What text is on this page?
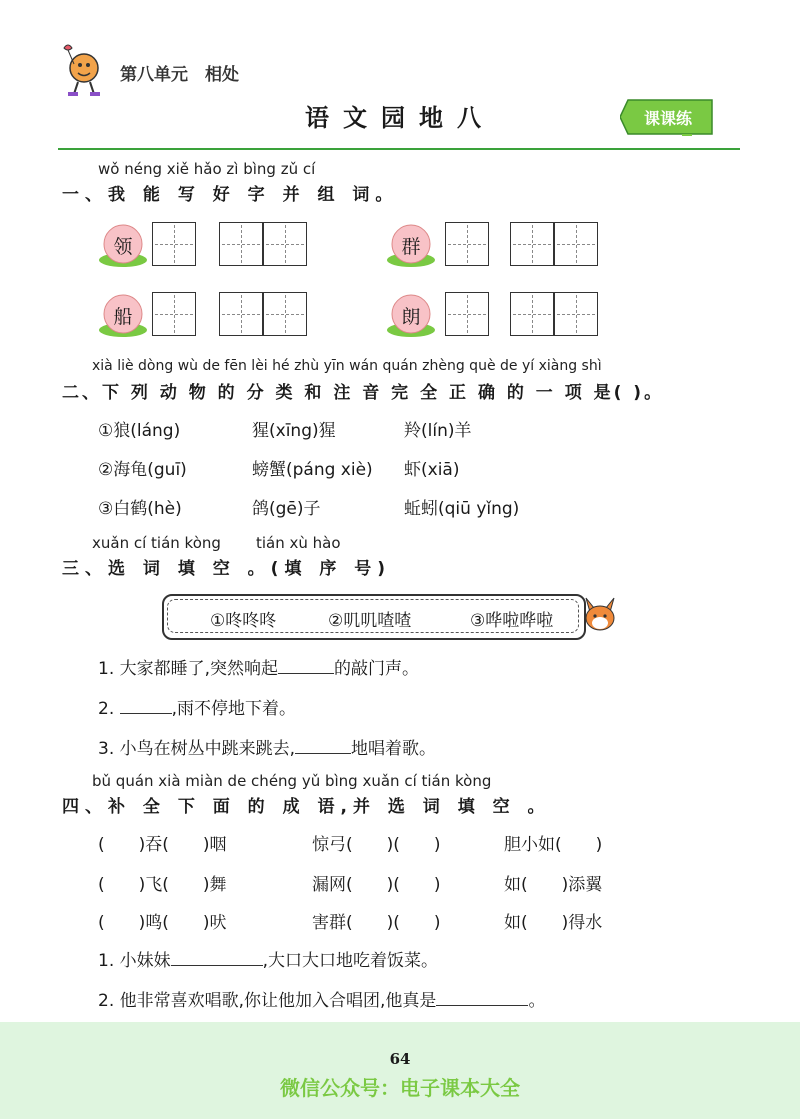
第八单元　相处
语文园地八	课课练
wǒ néng xiě hǎo zì bìng zǔ cí
一、我 能 写 好 字 并 组 词。
领	群
船	朗
xià liè dòng wù de fēn lèi hé zhù yīn wán quán zhèng què de yí xiàng shì
二、下 列 动 物 的 分 类 和 注 音 完 全 正 确 的 一 项 是( )。
①狼(láng)	猩(xīng)猩	羚(lín)羊
②海龟(guī)	螃蟹(páng xiè) 虾(xiā)
③白鹤(hè)	鸽(gē)子	蚯蚓(qiū yǐng)
xuǎn cí tián kòng tián xù hào
三、选 词 填 空 。(填 序 号)
①咚咚咚	②叽叽喳喳	③哗啦哗啦
1. 大家都睡了,突然响起	的敲门声。
2.	,雨不停地下着。
3. 小鸟在树丛中跳来跳去,	地唱着歌。
bǔ quán xià miàn de chéng yǔ bìng xuǎn cí tián kòng
四、补 全 下 面 的 成 语,并 选 词 填 空 。
(　　)吞(　　)咽	惊弓(　　)(　　)	胆小如(　　)
(　　)飞(　　)舞	漏网(　　)(　　)	如(　　)添翼
(　　)鸣(　　)吠	害群(　　)(　　)	如(　　)得水
1. 小妹妹	,大口大口地吃着饭菜。
2. 他非常喜欢唱歌,你让他加入合唱团,他真是	。
64
微信公众号：电子课本大全
